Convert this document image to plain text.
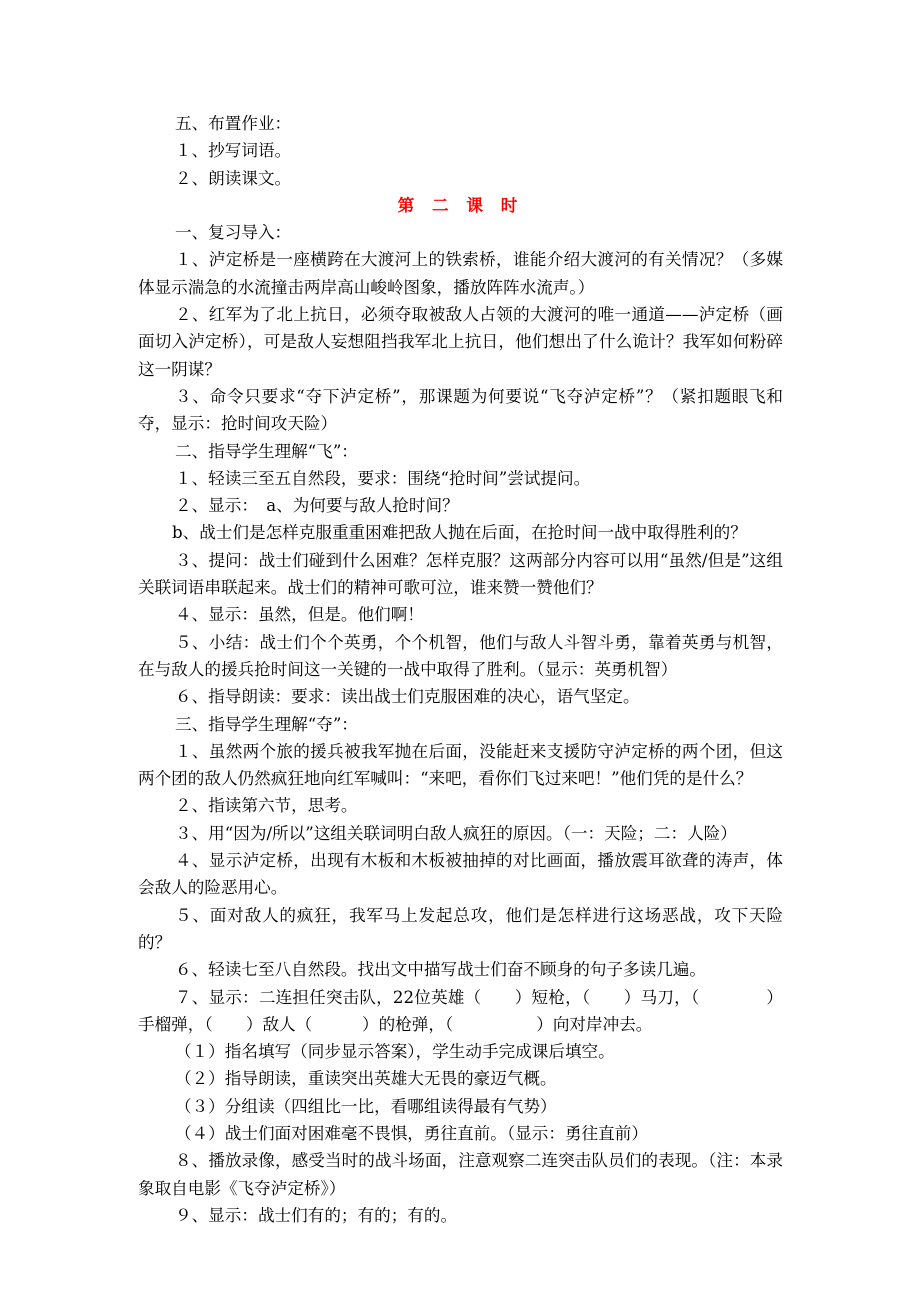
五、布置作业：

１、抄写词语。

２、朗读课文。

第 二 课 时

一、复习导入：

１、泸定桥是一座横跨在大渡河上的铁索桥，谁能介绍大渡河的有关情况？（多媒体显示湍急的水流撞击两岸高山峻岭图象，播放阵阵水流声。）

２、红军为了北上抗日，必须夺取被敌人占领的大渡河的唯一通道——泸定桥（画面切入泸定桥），可是敌人妄想阻挡我军北上抗日，他们想出了什么诡计？我军如何粉碎这一阴谋？

３、命令只要求“夺下泸定桥”，那课题为何要说“飞夺泸定桥”？（紧扣题眼飞和夺，显示：抢时间攻天险）

二、指导学生理解“飞”：

１、轻读三至五自然段，要求：围绕“抢时间”尝试提问。

２、显示：　a、为何要与敌人抢时间？

b、战士们是怎样克服重重困难把敌人抛在后面，在抢时间一战中取得胜利的？

３、提问：战士们碰到什么困难？怎样克服？这两部分内容可以用“虽然/但是”这组关联词语串联起来。战士们的精神可歌可泣，谁来赞一赞他们？

４、显示：虽然，但是。他们啊！

５、小结：战士们个个英勇，个个机智，他们与敌人斗智斗勇，靠着英勇与机智，在与敌人的援兵抢时间这一关键的一战中取得了胜利。（显示：英勇机智）

６、指导朗读：要求：读出战士们克服困难的决心，语气坚定。

三、指导学生理解“夺”：

１、虽然两个旅的援兵被我军抛在后面，没能赶来支援防守泸定桥的两个团，但这两个团的敌人仍然疯狂地向红军喊叫：“来吧，看你们飞过来吧！”他们凭的是什么？

２、指读第六节，思考。

３、用“因为/所以”这组关联词明白敌人疯狂的原因。（一：天险；二：人险）

４、显示泸定桥，出现有木板和木板被抽掉的对比画面，播放震耳欲聋的涛声，体会敌人的险恶用心。

５、面对敌人的疯狂，我军马上发起总攻，他们是怎样进行这场恶战，攻下天险的？

６、轻读七至八自然段。找出文中描写战士们奋不顾身的句子多读几遍。

７、显示：二连担任突击队，22位英雄（　　）短枪，（　　）马刀，（　　　　）手榴弹，（　　）敌人（　　　）的枪弹，（　　　　　）向对岸冲去。

（１）指名填写（同步显示答案），学生动手完成课后填空。

（２）指导朗读，重读突出英雄大无畏的豪迈气概。

（３）分组读（四组比一比，看哪组读得最有气势）

（４）战士们面对困难毫不畏惧，勇往直前。（显示：勇往直前）

８、播放录像，感受当时的战斗场面，注意观察二连突击队员们的表现。（注：本录象取自电影《飞夺泸定桥》）

９、显示：战士们有的；有的；有的。
